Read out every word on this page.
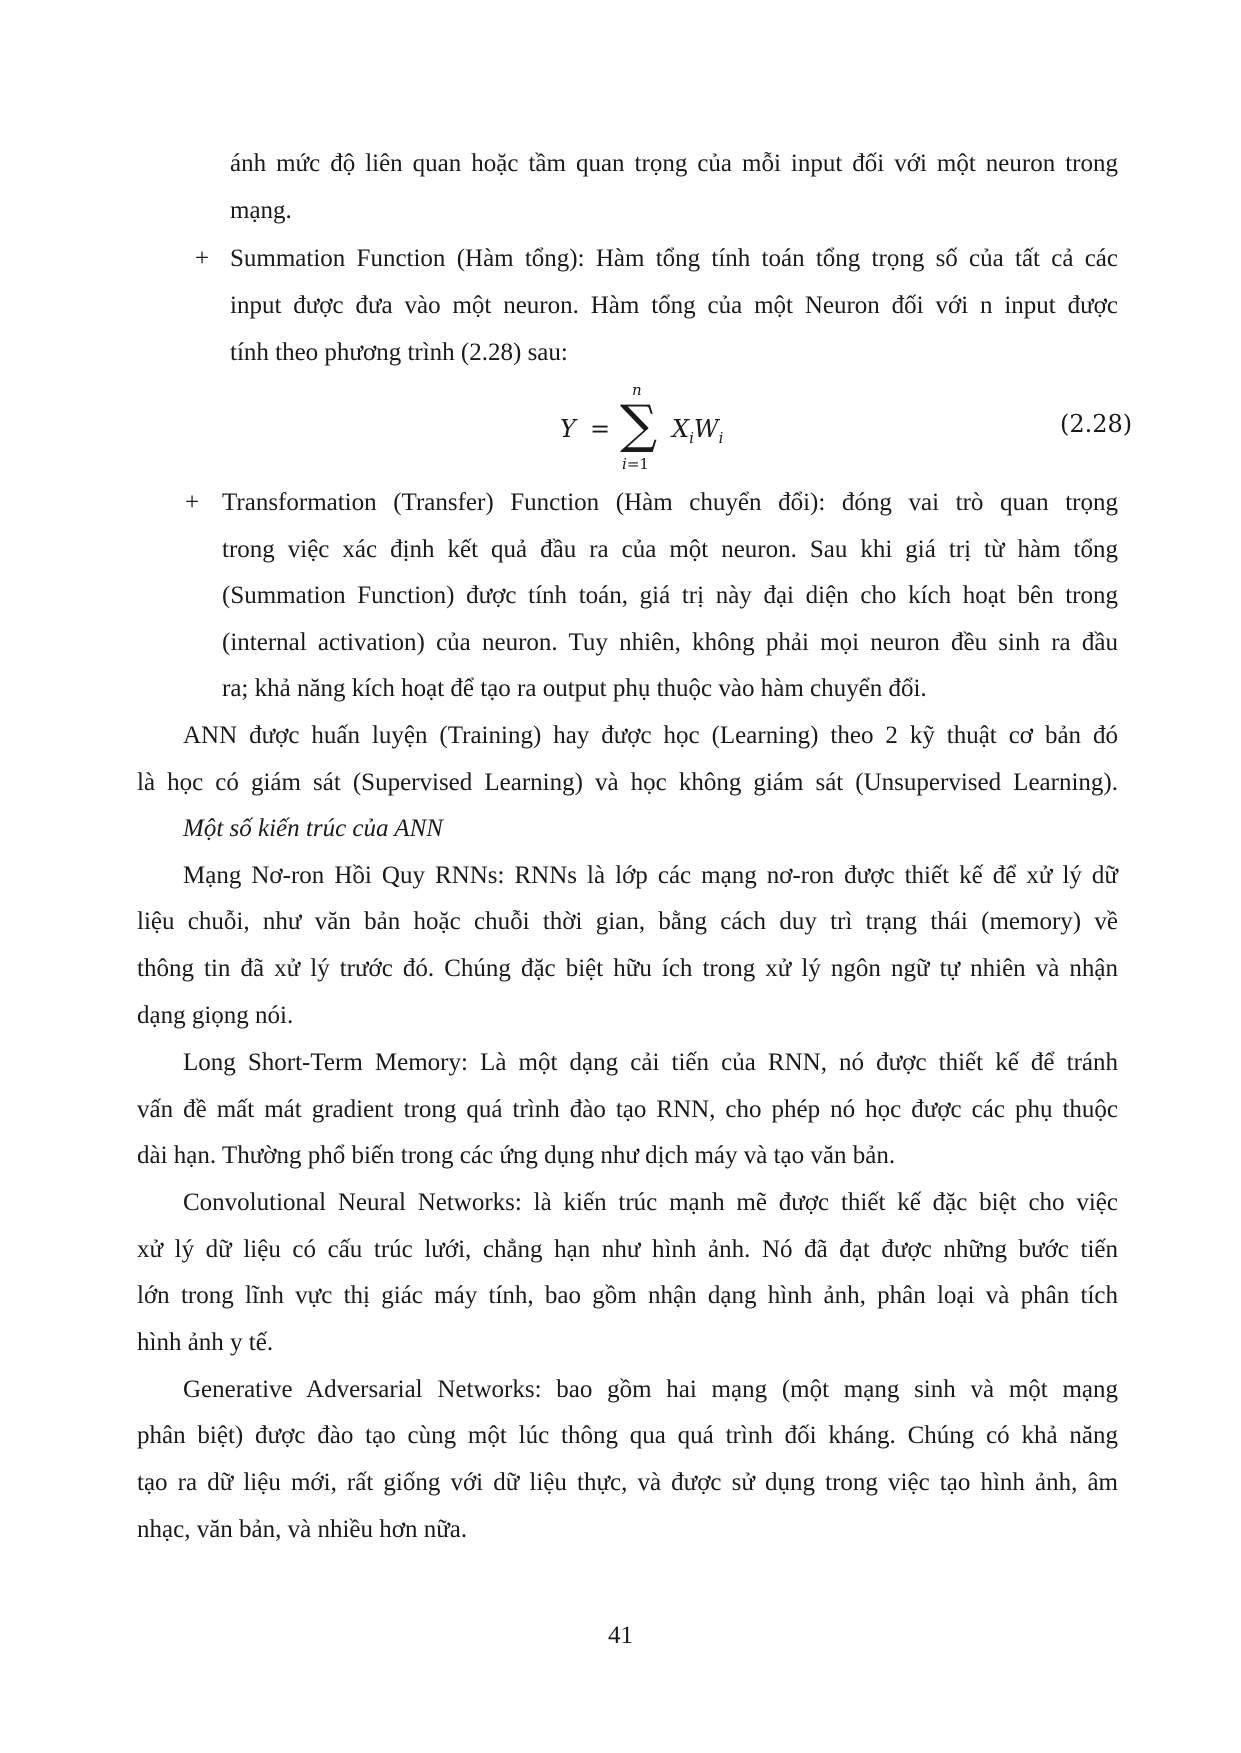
ánh mức độ liên quan hoặc tầm quan trọng của mỗi input đối với một neuron trong
mạng.
+ Summation Function (Hàm tổng): Hàm tổng tính toán tổng trọng số của tất cả các
input được đưa vào một neuron. Hàm tổng của một Neuron đối với n input được
tính theo phương trình (2.28) sau:
Y =
n
∑
i=1
$X_iW_i$	(2.28)
+ Transformation (Transfer) Function (Hàm chuyển đổi): đóng vai trò quan trọng
trong việc xác định kết quả đầu ra của một neuron. Sau khi giá trị từ hàm tổng
(Summation Function) được tính toán, giá trị này đại diện cho kích hoạt bên trong
(internal activation) của neuron. Tuy nhiên, không phải mọi neuron đều sinh ra đầu
ra; khả năng kích hoạt để tạo ra output phụ thuộc vào hàm chuyển đổi.
ANN được huấn luyện (Training) hay được học (Learning) theo 2 kỹ thuật cơ bản đó
là học có giám sát (Supervised Learning) và học không giám sát (Unsupervised Learning).
Một số kiến trúc của ANN
Mạng Nơ-ron Hồi Quy RNNs: RNNs là lớp các mạng nơ-ron được thiết kế để xử lý dữ
liệu chuỗi, như văn bản hoặc chuỗi thời gian, bằng cách duy trì trạng thái (memory) về
thông tin đã xử lý trước đó. Chúng đặc biệt hữu ích trong xử lý ngôn ngữ tự nhiên và nhận
dạng giọng nói.
Long Short-Term Memory: Là một dạng cải tiến của RNN, nó được thiết kế để tránh
vấn đề mất mát gradient trong quá trình đào tạo RNN, cho phép nó học được các phụ thuộc
dài hạn. Thường phổ biến trong các ứng dụng như dịch máy và tạo văn bản.
Convolutional Neural Networks: là kiến trúc mạnh mẽ được thiết kế đặc biệt cho việc
xử lý dữ liệu có cấu trúc lưới, chẳng hạn như hình ảnh. Nó đã đạt được những bước tiến
lớn trong lĩnh vực thị giác máy tính, bao gồm nhận dạng hình ảnh, phân loại và phân tích
hình ảnh y tế.
Generative Adversarial Networks: bao gồm hai mạng (một mạng sinh và một mạng
phân biệt) được đào tạo cùng một lúc thông qua quá trình đối kháng. Chúng có khả năng
tạo ra dữ liệu mới, rất giống với dữ liệu thực, và được sử dụng trong việc tạo hình ảnh, âm
nhạc, văn bản, và nhiều hơn nữa.
41
